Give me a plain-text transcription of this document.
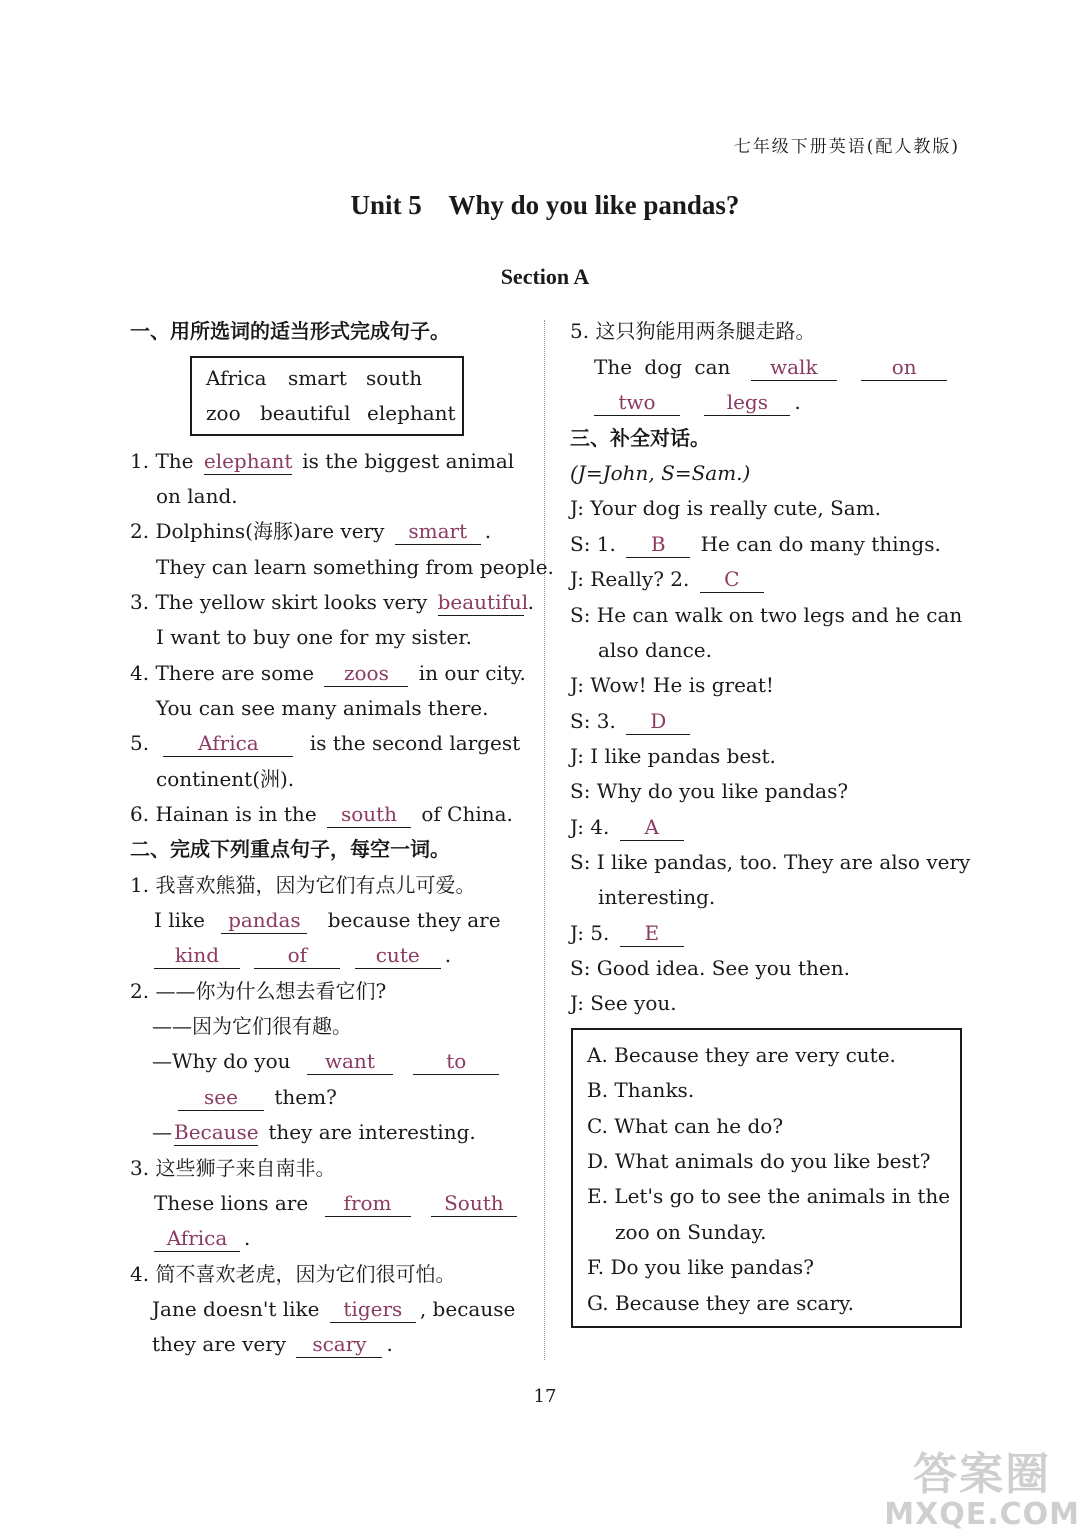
七年级下册英语(配人教版)
Unit 5    Why do you like pandas?
Section A
一、用所选词的适当形式完成句子。
Africa smart south
zoo beautiful elephant
1. The elephant is the biggest animal
on land.
2. Dolphins(海豚)are very smart .
They can learn something from people.
3. The yellow skirt looks very beautiful.
I want to buy one for my sister.
4. There are some zoos in our city.
You can see many animals there.
5. Africa	is the second largest
continent(洲).
6. Hainan is in the south of China.
二、完成下列重点句子，每空一词。
1. 我喜欢熊猫，因为它们有点儿可爱。
I like pandas because they are
kind	of	cute .
2. ——你为什么想去看它们?
——因为它们很有趣。
—Why do you want	to
see them?
— Because they are interesting.
3. 这些狮子来自南非。
These lions are from	South
Africa .
4. 简不喜欢老虎，因为它们很可怕。
Jane doesn't like tigers , because
they are very scary .
5. 这只狗能用两条腿走路。
The dog can walk	on
two	legs .
三、补全对话。
(J=John, S=Sam.)
J: Your dog is really cute, Sam.
S: 1. B He can do many things.
J: Really? 2. C
S: He can walk on two legs and he can
also dance.
J: Wow! He is great!
S: 3. D
J: I like pandas best.
S: Why do you like pandas?
J: 4. A
S: I like pandas, too. They are also very
interesting.
J: 5. E
S: Good idea. See you then.
J: See you.
A. Because they are very cute.
B. Thanks.
C. What can he do?
D. What animals do you like best?
E. Let's go to see the animals in the
zoo on Sunday.
F. Do you like pandas?
G. Because they are scary.
17
答案圈
MXQE.COM
